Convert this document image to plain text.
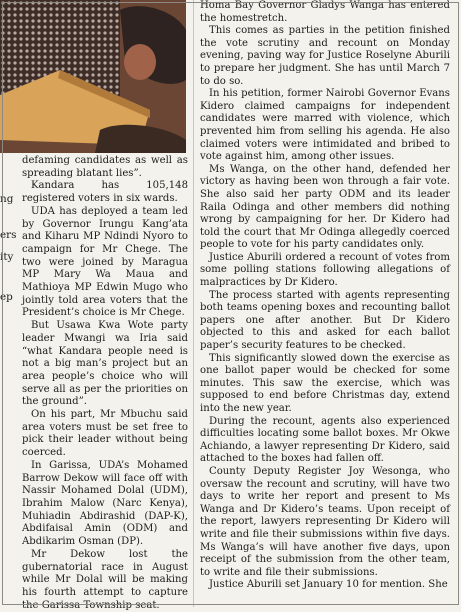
ng
ers
ity
ep

defaming candidates as well as spreading blatant lies”.

Kandara has 105,148 registered voters in six wards.

UDA has deployed a team led by Governor Irungu Kang’ata and Kiharu MP Ndindi Nyoro to campaign for Mr Chege. The two were joined by Maragua MP Mary Wa Maua and Mathioya MP Edwin Mugo who jointly told area voters that the President’s choice is Mr Chege.

But Usawa Kwa Wote party leader Mwangi wa Iria said “what Kandara people need is not a big man’s project but an area people’s choice who will serve all as per the priorities on the ground”.

On his part, Mr Mbuchu said area voters must be set free to pick their leader without being coerced.

In Garissa, UDA’s Mohamed Barrow Dekow will face off with Nassir Mohamed Dolal (UDM), Ibrahim Malow (Narc Kenya), Muhiadin Abdirashid (DAP-K), Abdifaisal Amin (ODM) and Abdikarim Osman (DP).

Mr Dekow lost the gubernatorial race in August while Mr Dolal will be making his fourth attempt to capture the Garissa Township seat.

Homa Bay Governor Gladys Wanga has entered the homestretch.

This comes as parties in the petition finished the vote scrutiny and recount on Monday evening, paving way for Justice Roselyne Aburili to prepare her judgment. She has until March 7 to do so.

In his petition, former Nairobi Governor Evans Kidero claimed campaigns for independent candidates were marred with violence, which prevented him from selling his agenda. He also claimed voters were intimidated and bribed to vote against him, among other issues.

Ms Wanga, on the other hand, defended her victory as having been won through a fair vote. She also said her party ODM and its leader Raila Odinga and other members did nothing wrong by campaigning for her. Dr Kidero had told the court that Mr Odinga allegedly coerced people to vote for his party candidates only.

Justice Aburili ordered a recount of votes from some polling stations following allegations of malpractices by Dr Kidero.

The process started with agents representing both teams opening boxes and recounting ballot papers one after another. But Dr Kidero objected to this and asked for each ballot paper’s security features to be checked.

This significantly slowed down the exercise as one ballot paper would be checked for some minutes. This saw the exercise, which was supposed to end before Christmas day, extend into the new year.

During the recount, agents also experienced difficulties locating some ballot boxes. Mr Okwe Achiando, a lawyer representing Dr Kidero, said attached to the boxes had fallen off.

County Deputy Register Joy Wesonga, who oversaw the recount and scrutiny, will have two days to write her report and present to Ms Wanga and Dr Kidero’s teams. Upon receipt of the report, lawyers representing Dr Kidero will write and file their submissions within five days. Ms Wanga’s will have another five days, upon receipt of the submission from the other team, to write and file their submissions.

Justice Aburili set January 10 for mention. She
